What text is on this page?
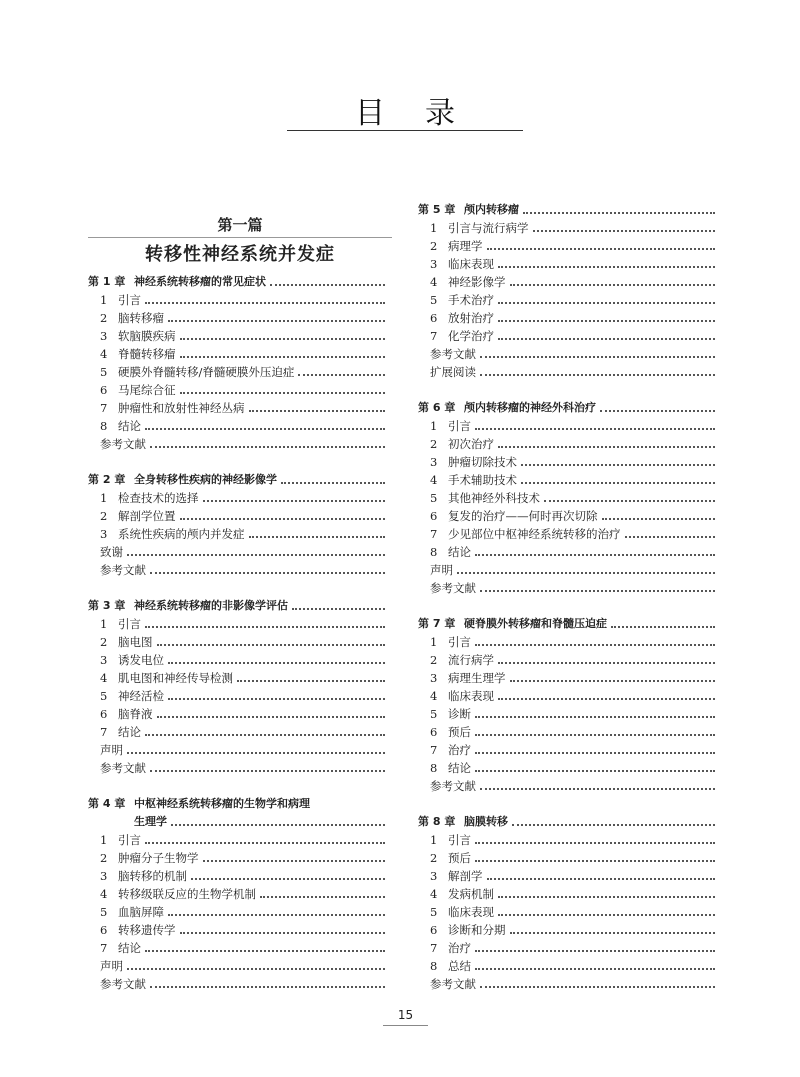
目录
第一篇
转移性神经系统并发症
第 1 章 神经系统转移瘤的常见症状
1 引言
2 脑转移瘤
3 软脑膜疾病
4 脊髓转移瘤
5 硬膜外脊髓转移/脊髓硬膜外压迫症
6 马尾综合征
7 肿瘤性和放射性神经丛病
8 结论
参考文献
第 2 章 全身转移性疾病的神经影像学
1 检查技术的选择
2 解剖学位置
3 系统性疾病的颅内并发症
致谢
参考文献
第 3 章 神经系统转移瘤的非影像学评估
1 引言
2 脑电图
3 诱发电位
4 肌电图和神经传导检测
5 神经活检
6 脑脊液
7 结论
声明
参考文献
第 4 章 中枢神经系统转移瘤的生物学和病理
生理学
1 引言
2 肿瘤分子生物学
3 脑转移的机制
4 转移级联反应的生物学机制
5 血脑屏障
6 转移遗传学
7 结论
声明
参考文献
第 5 章 颅内转移瘤
1 引言与流行病学
2 病理学
3 临床表现
4 神经影像学
5 手术治疗
6 放射治疗
7 化学治疗
参考文献
扩展阅读
第 6 章 颅内转移瘤的神经外科治疗
1 引言
2 初次治疗
3 肿瘤切除技术
4 手术辅助技术
5 其他神经外科技术
6 复发的治疗——何时再次切除
7 少见部位中枢神经系统转移的治疗
8 结论
声明
参考文献
第 7 章 硬脊膜外转移瘤和脊髓压迫症
1 引言
2 流行病学
3 病理生理学
4 临床表现
5 诊断
6 预后
7 治疗
8 结论
参考文献
第 8 章 脑膜转移
1 引言
2 预后
3 解剖学
4 发病机制
5 临床表现
6 诊断和分期
7 治疗
8 总结
参考文献
15
